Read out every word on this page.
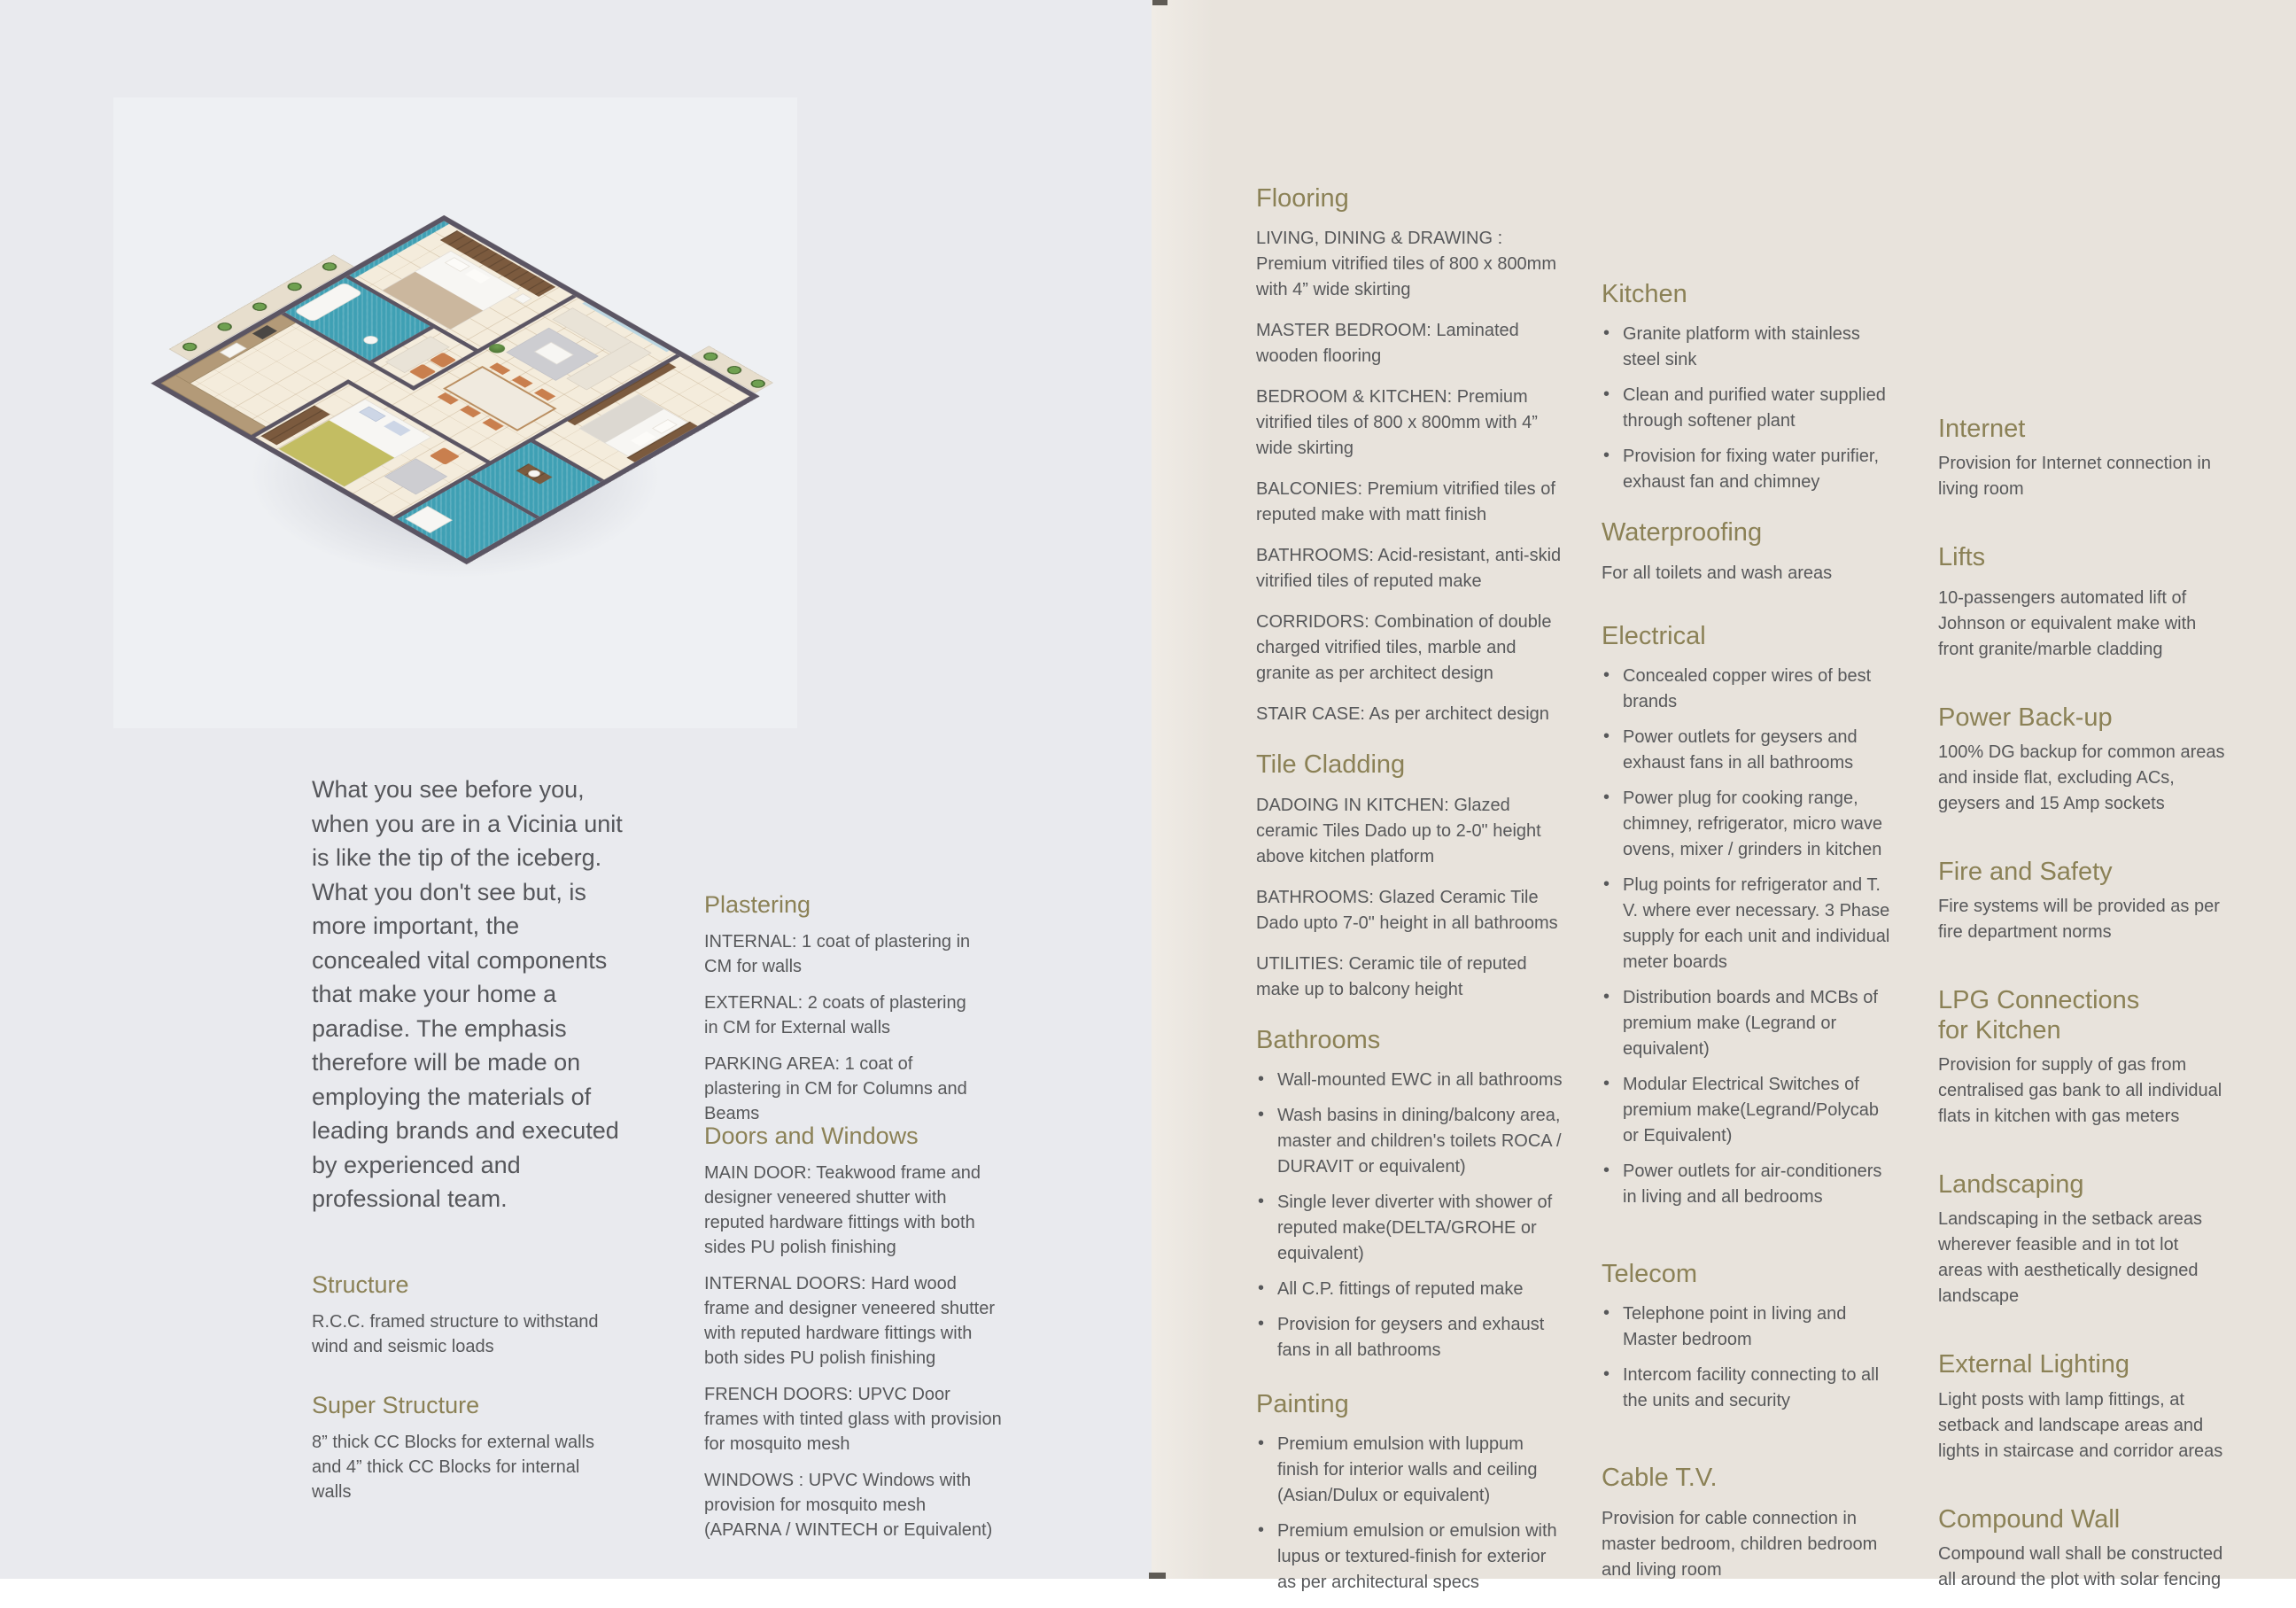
What you see before you, when you are in a Vicinia unit is like the tip of the iceberg. What you don't see but, is more important, the concealed vital components that make your home a paradise. The emphasis therefore will be made on employing the materials of leading brands and executed by experienced and professional team.

Structure

R.C.C. framed structure to withstand wind and seismic loads

Super Structure

8” thick CC Blocks for external walls and 4” thick CC Blocks for internal walls

Plastering

INTERNAL: 1 coat of plastering in CM for walls

EXTERNAL: 2 coats of plastering in CM for External walls

PARKING AREA: 1 coat of plastering in CM for Columns and Beams

Doors and Windows

MAIN DOOR: Teakwood frame and designer veneered shutter with reputed hardware fittings with both sides PU polish finishing

INTERNAL DOORS: Hard wood frame and designer veneered shutter with reputed hardware fittings with both sides PU polish finishing

FRENCH DOORS: UPVC Door frames with tinted glass with provision for mosquito mesh

WINDOWS : UPVC Windows with provision for mosquito mesh (APARNA / WINTECH or Equivalent)

Flooring

LIVING, DINING & DRAWING : Premium vitrified tiles of 800 x 800mm with 4” wide skirting

MASTER BEDROOM: Laminated wooden flooring

BEDROOM & KITCHEN: Premium vitrified tiles of 800 x 800mm with 4” wide skirting

BALCONIES: Premium vitrified tiles of reputed make with matt finish

BATHROOMS: Acid-resistant, anti-skid vitrified tiles of reputed make

CORRIDORS: Combination of double charged vitrified tiles, marble and granite as per architect design

STAIR CASE: As per architect design

Tile Cladding

DADOING IN KITCHEN: Glazed ceramic Tiles Dado up to 2-0" height above kitchen platform

BATHROOMS: Glazed Ceramic Tile Dado upto 7-0" height in all bathrooms

UTILITIES: Ceramic tile of reputed make up to balcony height

Bathrooms
• Wall-mounted EWC in all bathrooms
• Wash basins in dining/balcony area, master and children's toilets ROCA / DURAVIT or equivalent)
• Single lever diverter with shower of reputed make(DELTA/GROHE or equivalent)
• All C.P. fittings of reputed make
• Provision for geysers and exhaust fans in all bathrooms
Painting
• Premium emulsion with luppum finish for interior walls and ceiling (Asian/Dulux or equivalent)
• Premium emulsion or emulsion with lupus or textured-finish for exterior as per architectural specs
Kitchen
• Granite platform with stainless steel sink
• Clean and purified water supplied through softener plant
• Provision for fixing water purifier, exhaust fan and chimney
Waterproofing

For all toilets and wash areas

Electrical
• Concealed copper wires of best brands
• Power outlets for geysers and exhaust fans in all bathrooms
• Power plug for cooking range, chimney, refrigerator, micro wave ovens, mixer / grinders in kitchen
• Plug points for refrigerator and T. V. where ever necessary. 3 Phase supply for each unit and individual meter boards
• Distribution boards and MCBs of premium make (Legrand or equivalent)
• Modular Electrical Switches of premium make(Legrand/Polycab or Equivalent)
• Power outlets for air-conditioners in living and all bedrooms
Telecom
• Telephone point in living and Master bedroom
• Intercom facility connecting to all the units and security
Cable T.V.

Provision for cable connection in master bedroom, children bedroom and living room

Internet

Provision for Internet connection in living room

Lifts

10-passengers automated lift of Johnson or equivalent make with front granite/marble cladding

Power Back-up

100% DG backup for common areas and inside flat, excluding ACs, geysers and 15 Amp sockets

Fire and Safety

Fire systems will be provided as per fire department norms

LPG Connections for Kitchen

Provision for supply of gas from centralised gas bank to all individual flats in kitchen with gas meters

Landscaping

Landscaping in the setback areas wherever feasible and in tot lot areas with aesthetically designed landscape

External Lighting

Light posts with lamp fittings, at setback and landscape areas and lights in staircase and corridor areas

Compound Wall

Compound wall shall be constructed all around the plot with solar fencing
